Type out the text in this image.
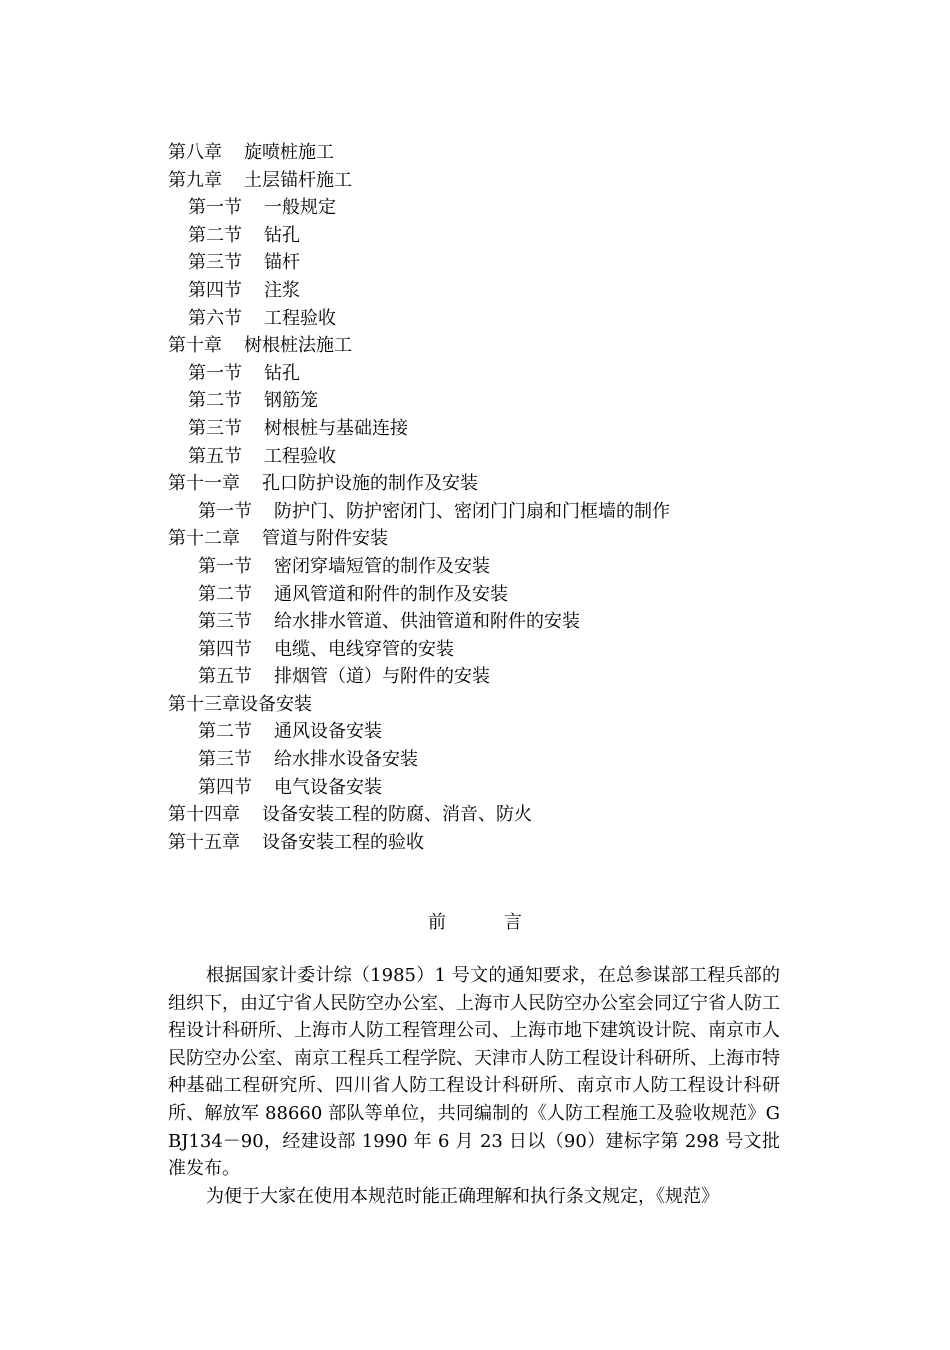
第八章 旋喷桩施工
第九章 土层锚杆施工
第一节 一般规定
第二节 钻孔
第三节 锚杆
第四节 注浆
第六节 工程验收
第十章 树根桩法施工
第一节 钻孔
第二节 钢筋笼
第三节 树根桩与基础连接
第五节 工程验收
第十一章 孔口防护设施的制作及安装
第一节 防护门、防护密闭门、密闭门门扇和门框墙的制作
第十二章 管道与附件安装
第一节 密闭穿墙短管的制作及安装
第二节 通风管道和附件的制作及安装
第三节 给水排水管道、供油管道和附件的安装
第四节 电缆、电线穿管的安装
第五节 排烟管（道）与附件的安装
第十三章设备安装
第二节 通风设备安装
第三节 给水排水设备安装
第四节 电气设备安装
第十四章 设备安装工程的防腐、消音、防火
第十五章 设备安装工程的验收
前言

根据国家计委计综（1985）1 号文的通知要求，在总参谋部工程兵部的组织下，由辽宁省人民防空办公室、上海市人民防空办公室会同辽宁省人防工程设计科研所、上海市人防工程管理公司、上海市地下建筑设计院、南京市人民防空办公室、南京工程兵工程学院、天津市人防工程设计科研所、上海市特种基础工程研究所、四川省人防工程设计科研所、南京市人防工程设计科研所、解放军 88660 部队等单位，共同编制的《人防工程施工及验收规范》GBJ134－90，经建设部 1990 年 6 月 23 日以（90）建标字第 298 号文批准发布。

为便于大家在使用本规范时能正确理解和执行条文规定，《规范》
